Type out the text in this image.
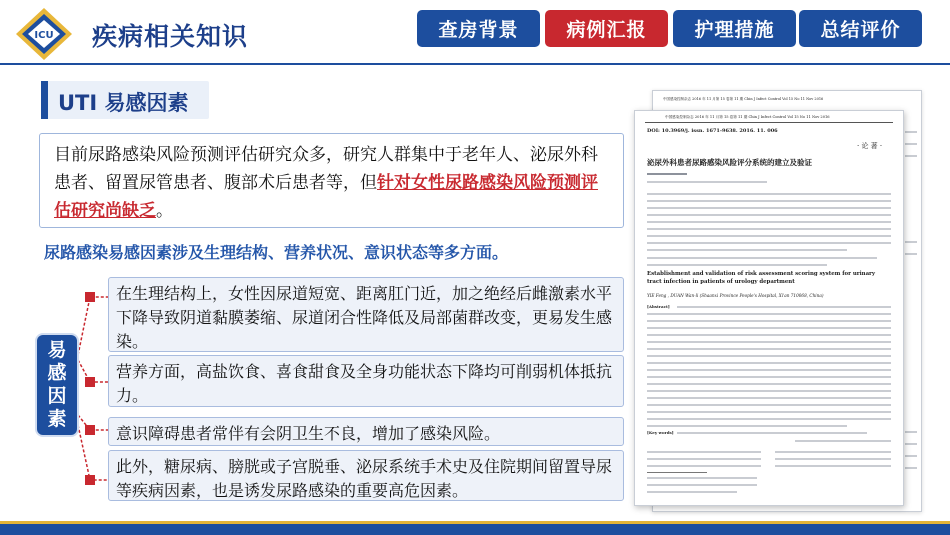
ICU 疾病相关知识	查房背景	病例汇报	护理措施	总结评价
UTI 易感因素
目前尿路感染风险预测评估研究众多，研究人群集中于老年人、泌尿外科患者、留置尿管患者、腹部术后患者等，但针对女性尿路感染风险预测评估研究尚缺乏。
尿路感染易感因素涉及生理结构、营养状况、意识状态等多方面。
易
感
因
素
在生理结构上，女性因尿道短宽、距离肛门近，加之绝经后雌激素水平下降导致阴道黏膜萎缩、尿道闭合性降低及局部菌群改变，更易发生感染。
营养方面，高盐饮食、喜食甜食及全身功能状态下降均可削弱机体抵抗力。
意识障碍患者常伴有会阴卫生不良，增加了感染风险。
此外，糖尿病、膀胱或子宫脱垂、泌尿系统手术史及住院期间留置导尿等疾病因素，也是诱发尿路感染的重要高危因素。
中国感染控制杂志 2016 年 11 月第 15 卷第 11 期 Chin J Infect Control Vol 15 No 11 Nov 2016
中国感染控制杂志 2016 年 11 月第 15 卷第 11 期 Chin J Infect Control Vol 15 No 11 Nov 2016
DOI: 10.3969/j. issn. 1671-9638. 2016. 11. 006
· 论 著 ·
泌尿外科患者尿路感染风险评分系统的建立及验证
Establishment and validation of risk assessment scoring system for urinary
tract infection in patients of urology department
YIE Feng , DUAN Wan-li (Shaanxi Province People's Hospital, Xi'an 710068, China)
[Abstract]
[Key words]
